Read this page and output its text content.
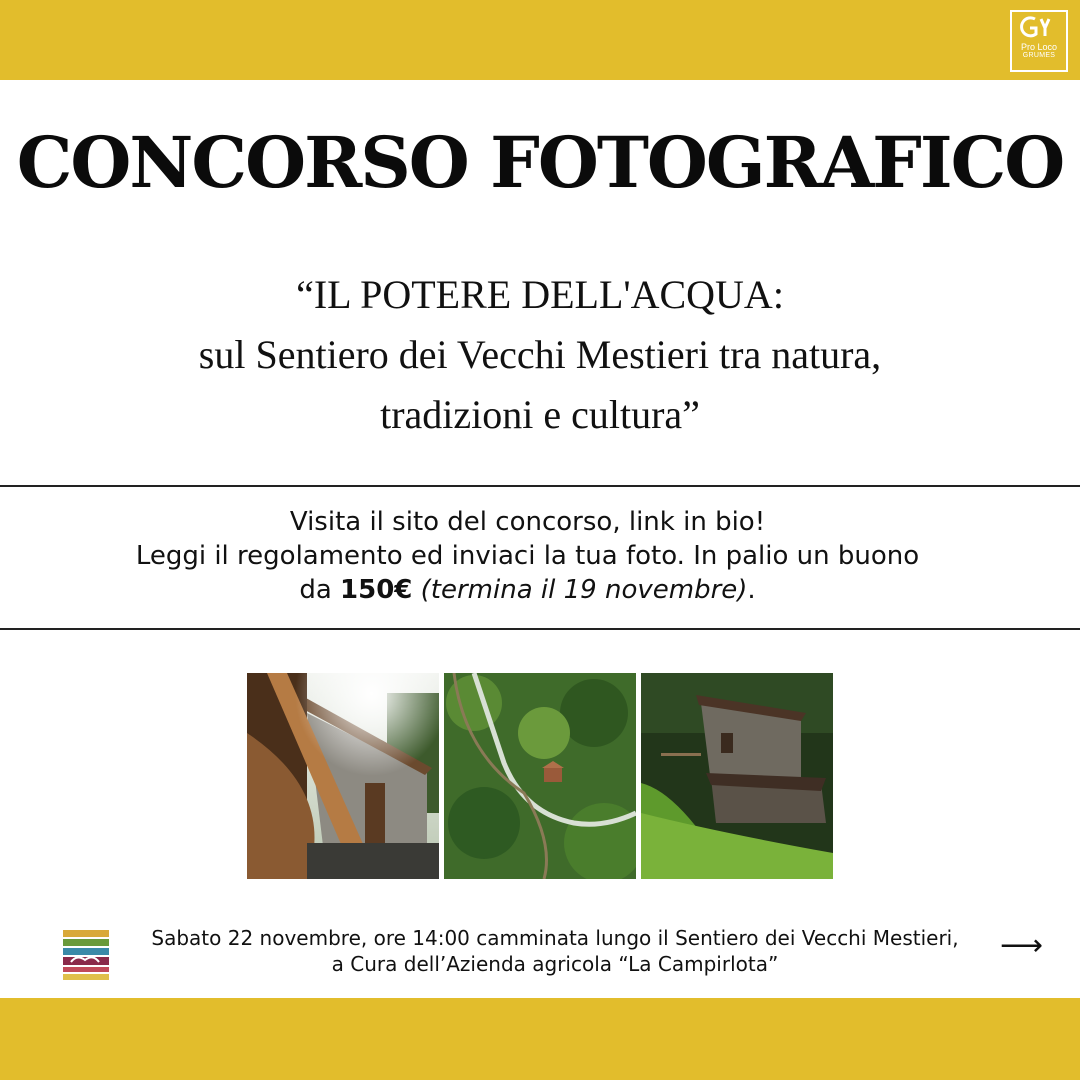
Pro Loco
GRUMES
CONCORSO FOTOGRAFICO
“IL POTERE DELL'ACQUA:
sul Sentiero dei Vecchi Mestieri tra natura,
tradizioni e cultura”
Visita il sito del concorso, link in bio!
Leggi il regolamento ed inviaci la tua foto. In palio un buono
da 150€ (termina il 19 novembre).
Sabato 22 novembre, ore 14:00 camminata lungo il Sentiero dei Vecchi Mestieri,
a Cura dell’Azienda agricola “La Campirlota”
⟶
